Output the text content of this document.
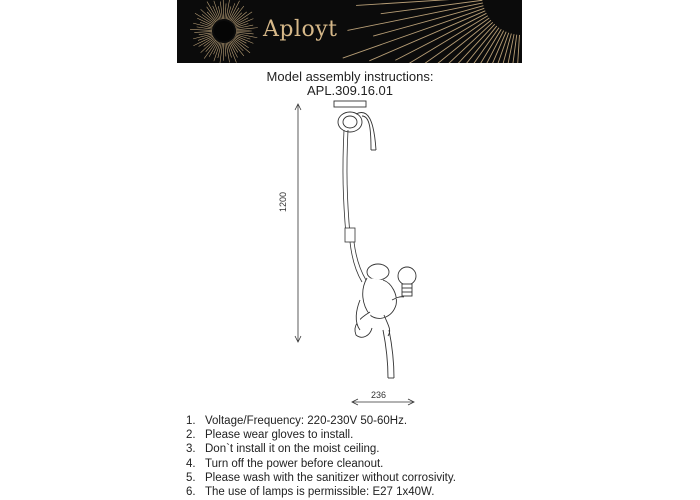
Aployt
Model assembly instructions:
APL.309.16.01
1200
236
1. Voltage/Frequency: 220-230V 50-60Hz.
2. Please wear gloves to install.
3. Don`t install it on the moist ceiling.
4. Turn off the power before cleanout.
5. Please wash with the sanitizer without corrosivity.
6. The use of lamps is permissible: E27 1x40W.
